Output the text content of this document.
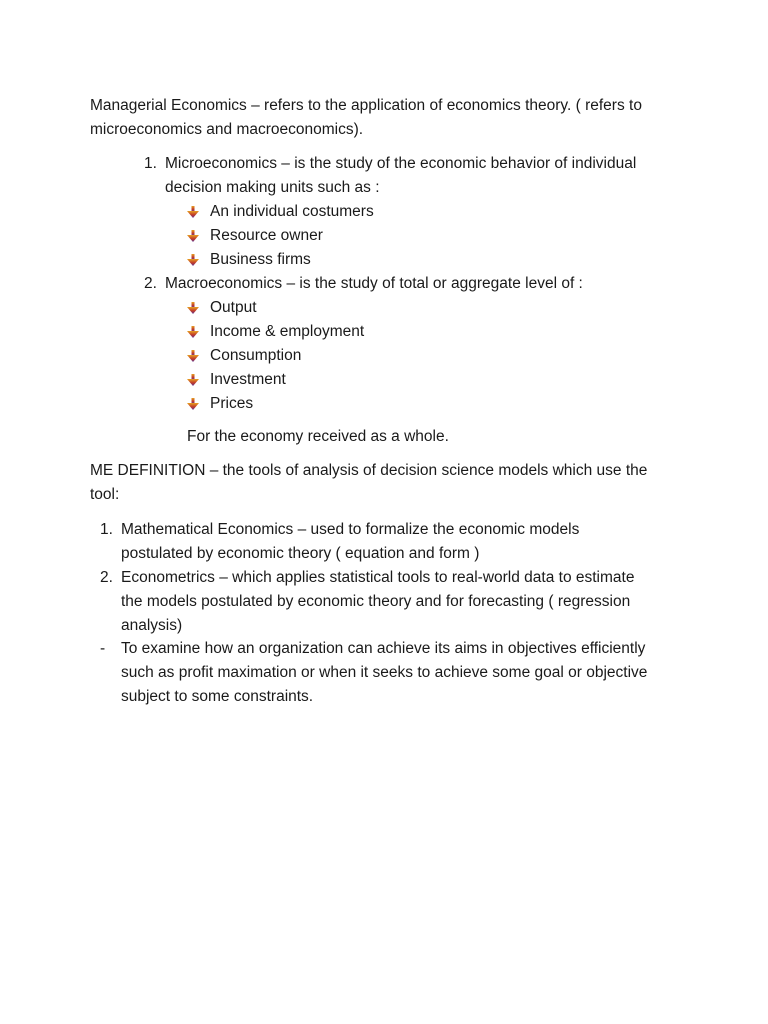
Managerial Economics – refers to the application of economics theory. ( refers to
microeconomics and macroeconomics).
1. Microeconomics – is the study of the economic behavior of individual
decision making units such as :
An individual costumers
Resource owner
Business firms
2. Macroeconomics – is the study of total or aggregate level of :
Output
Income & employment
Consumption
Investment
Prices
For the economy received as a whole.
ME DEFINITION – the tools of analysis of decision science models which use the
tool:
1. Mathematical Economics – used to formalize the economic models
postulated by economic theory ( equation and form )
2. Econometrics – which applies statistical tools to real-world data to estimate
the models postulated by economic theory and for forecasting ( regression
analysis)
- To examine how an organization can achieve its aims in objectives efficiently
such as profit maximation or when it seeks to achieve some goal or objective
subject to some constraints.
